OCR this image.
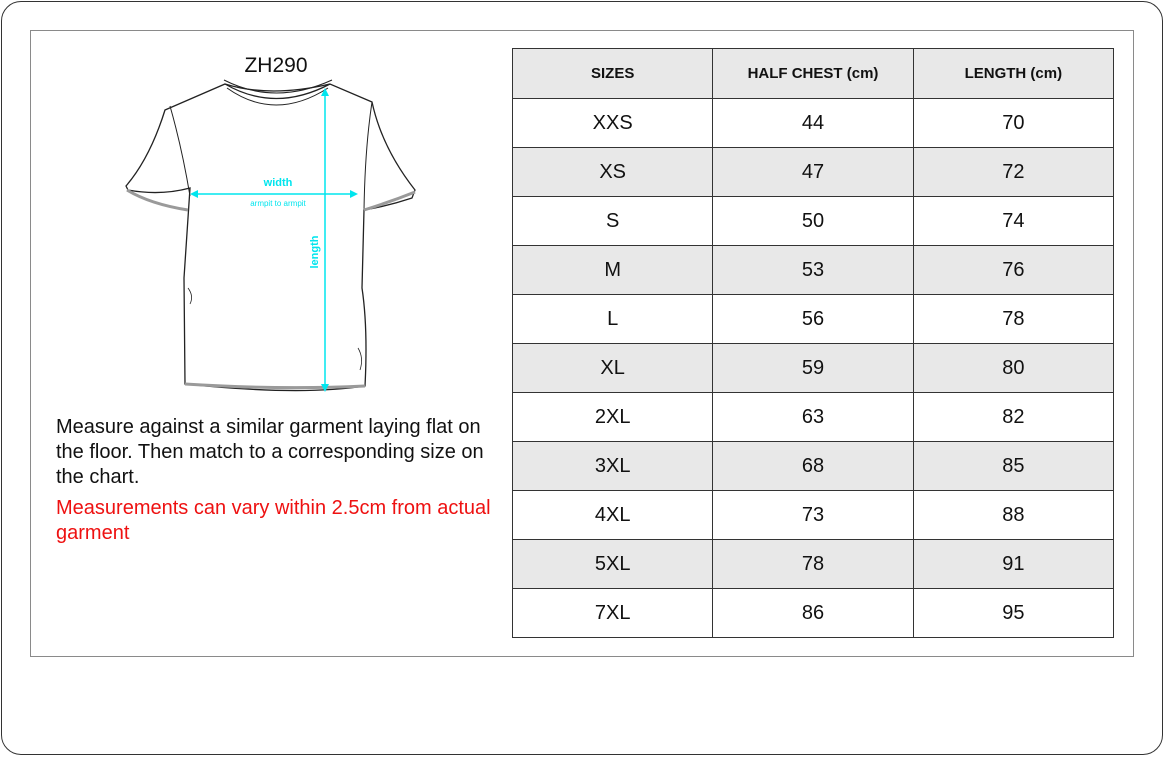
ZH290
width
armpit to armpit
length
Measure against a similar garment laying flat on the floor. Then match to a corresponding size on the chart.
Measurements can vary within 2.5cm from actual garment
SIZES	HALF CHEST (cm)	LENGTH (cm)
XXS	44	70
XS	47	72
S	50	74
M	53	76
L	56	78
XL	59	80
2XL	63	82
3XL	68	85
4XL	73	88
5XL	78	91
7XL	86	95
